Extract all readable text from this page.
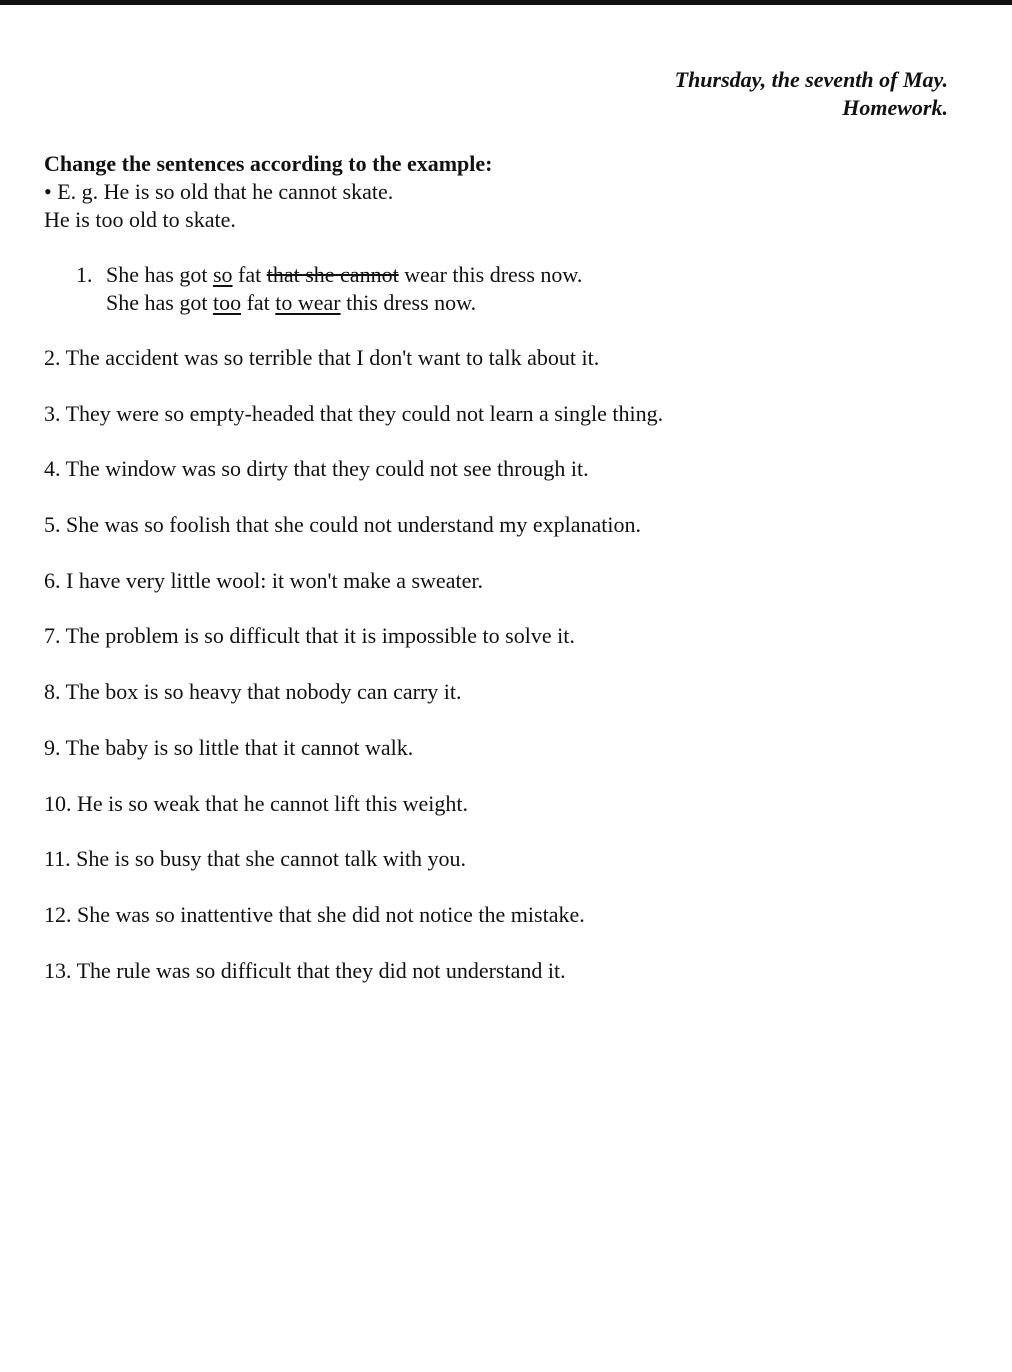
Thursday, the seventh of May.
Homework.
Change the sentences according to the example:
• E. g. He is so old that he cannot skate.
He is too old to skate.
1. She has got so fat that she cannot wear this dress now.
She has got too fat to wear this dress now.
2. The accident was so terrible that I don't want to talk about it.
3. They were so empty-headed that they could not learn a single thing.
4. The window was so dirty that they could not see through it.
5. She was so foolish that she could not understand my explanation.
6. I have very little wool: it won't make a sweater.
7. The problem is so difficult that it is impossible to solve it.
8. The box is so heavy that nobody can carry it.
9. The baby is so little that it cannot walk.
10. He is so weak that he cannot lift this weight.
11. She is so busy that she cannot talk with you.
12. She was so inattentive that she did not notice the mistake.
13. The rule was so difficult that they did not understand it.
